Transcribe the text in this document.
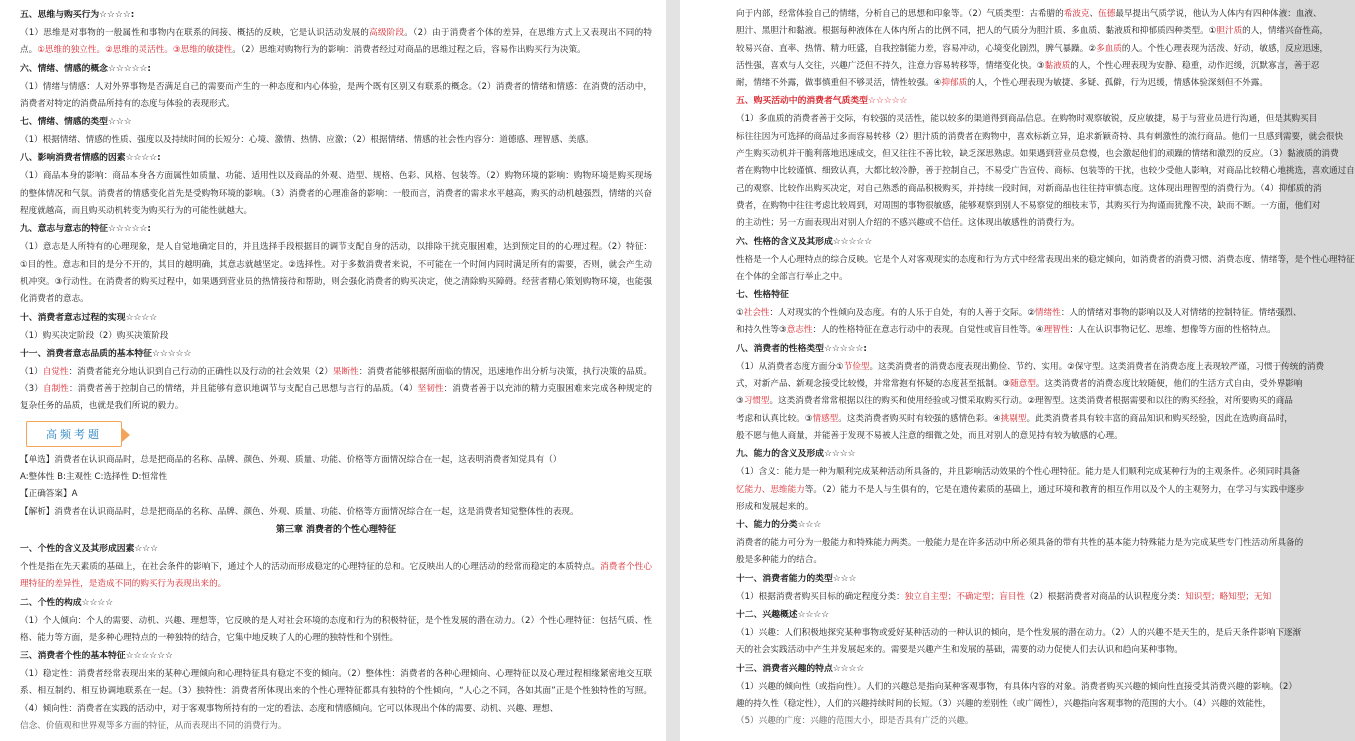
五、思维与购买行为☆☆☆☆:
（1）思维是对事物的一般属性和事物内在联系的间接、概括的反映，它是认识活动发展的高级阶段。（2）由于消费者个体的差异，在思维方式上又表现出不同的特点。①思维的独立性。②思维的灵活性。③思维的敏捷性。（2）思维对购物行为的影响：消费者经过对商品的思维过程之后，容易作出购买行为决策。
六、情绪、情感的概念☆☆☆☆☆:
（1）情绪与情感：人对外界事物是否满足自己的需要而产生的一种态度和内心体验，是两个既有区别又有联系的概念。（2）消费者的情绪和情感：在消费的活动中，消费者对特定的消费品所持有的态度与体验的表现形式。
七、情绪、情感的类型☆☆☆
（1）根据情绪、情感的性质、强度以及持续时间的长短分：心境、激情、热情、应激；（2）根据情绪、情感的社会性内容分：道德感、理智感、美感。
八、影响消费者情感的因素☆☆☆☆:
（1）商品本身的影响：商品本身各方面属性如质量、功能、适用性以及商品的外观、造型、规格、色彩、风格、包装等。（2）购物环境的影响：购物环境是购买现场的整体情况和气氛。消费者的情感变化首先是受购物环境的影响。（3）消费者的心理准备的影响：一般而言，消费者的需求水平越高，购买的动机越强烈，情绪的兴奋程度就越高，而且购买动机转变为购买行为的可能性就越大。
九、意志与意志的特征☆☆☆☆☆:
（1）意志是人所特有的心理现象，是人自觉地确定目的，并且选择手段根据目的调节支配自身的活动，以排除干扰克服困难，达到预定目的的心理过程。（2）特征：①目的性。意志和目的是分不开的，其目的越明确，其意志就越坚定。②选择性。对于多数消费者来说，不可能在一个时间内同时满足所有的需要，否则，就会产生动机冲突。③行动性。在消费者的购买过程中，如果遇到营业员的热情接待和帮助，则会强化消费者的购买决定，使之清除购买障碍。经营者精心策划购物环境，也能强化消费者的意志。
十、消费者意志过程的实现☆☆☆☆
（1）购买决定阶段（2）购买决策阶段
十一、消费者意志品质的基本特征☆☆☆☆☆
（1）自觉性：消费者能充分地认识到自己行动的正确性以及行动的社会效果（2）果断性：消费者能够根据所面临的情况，迅速地作出分析与决策，执行决策的品质。（3）自制性：消费者善于控制自己的情绪，并且能够有意识地调节与支配自己思想与言行的品质。（4）坚韧性：消费者善于以充沛的精力克服困难来完成各种规定的复杂任务的品质，也就是我们所说的毅力。
高频考题
【单选】消费者在认识商品时，总是把商品的名称、品牌、颜色、外观、质量、功能、价格等方面情况综合在一起，这表明消费者知觉具有（）
A:整体性 B:主观性 C:选择性 D:恒常性
【正确答案】A
【解析】消费者在认识商品时，总是把商品的名称、品牌、颜色、外观、质量、功能、价格等方面情况综合在一起，这是消费者知觉整体性的表现。
第三章 消费者的个性心理特征
一、个性的含义及其形成因素☆☆☆
个性是指在先天素质的基础上，在社会条件的影响下，通过个人的活动而形成稳定的心理特征的总和。它反映出人的心理活动的经常而稳定的本质特点。消费者个性心理特征的差异性，是造成不同的购买行为表现出来的。
二、个性的构成☆☆☆☆
（1）个人倾向：个人的需要、动机、兴趣、理想等，它反映的是人对社会环境的态度和行为的积极特征，是个性发展的潜在动力。（2）个性心理特征：包括气质、性格、能力等方面，是多种心理特点的一种独特的结合，它集中地反映了人的心理的独特性和个别性。
三、消费者个性的基本特征☆☆☆☆☆☆
（1）稳定性：消费者经常表现出来的某种心理倾向和心理特征具有稳定不变的倾向。（2）整体性：消费者的各种心理倾向、心理特征以及心理过程相缘紧密地交互联系、相互制约、相互协调地联系在一起。（3）独特性：消费者所体现出来的个性心理特征都具有独特的个性倾向，“人心之不同，各如其面”正是个性独特性的写照。（4）倾向性：消费者在实践的活动中，对于客观事物所持有的一定的看法、态度和情感倾向。它可以体现出个体的需要、动机、兴趣、理想、
信念、价值观和世界观等多方面的特征，从而表现出不同的消费行为。
向于内部，经常体验自己的情绪，分析自己的思想和印象等。（2）气质类型：古希腊的希波克、伍德最早提出气质学说，他认为人体内有四种体液：血液、
胆汁、黑胆汁和黏液。根据每种液体在人体内所占的比例不同，把人的气质分为胆汁质、多血质、黏液质和抑郁质四种类型。①胆汁质的人，情绪兴奋性高，
较易兴奋、直率、热情、精力旺盛，自我控制能力差，容易冲动，心境变化剧烈，脾气暴躁。②多血质的人。个性心理表现为活泼、好动，敏感，反应迅速，
活性强，喜欢与人交往，兴趣广泛但不持久，注意力容易转移等，情绪变化快。③黏液质的人，个性心理表现为安静、稳重，动作迟缓，沉默寡言，善于忍
耐，情绪不外露，做事慎重但不够灵活，情性较强。④抑郁质的人，个性心理表现为敏捷、多疑、孤僻，行为迟缓，情感体验深刻但不外露。
五、购买活动中的消费者气质类型☆☆☆☆☆
（1）多血质的消费者善于交际，有较强的灵活性，能以较多的渠道得到商品信息。在购物时观察敏锐，反应敏捷，易于与营业员进行沟通，但是其购买目
标往往因为可选择的商品过多而容易转移（2）胆汁质的消费者在购物中，喜欢标新立异，追求新颖奇特、具有刺激性的流行商品。他们一旦感到需要，就会很快
产生购买动机并干脆利落地迅速成交，但又往往不善比较，缺乏深思熟虑。如果遇到营业员怠慢，也会激起他们的顽躁的情绪和激烈的反应。（3）黏液质的消费
者在购物中比较谨慎、细致认真，大都比较冷静，善于控制自己，不易受广告宣传、商标、包装等的干扰，也较少受他人影响，对商品比较精心地挑选，喜欢通过自
己的观察、比较作出购买决定，对自己熟悉的商品积极购买，并持续一段时间，对新商品也往往持审慎态度。这体现出理智型的消费行为。（4）抑郁质的消
费者，在购物中往往考虑比较周到，对周围的事物很敏感，能够观察到别人不易察觉的细枝末节，其购买行为拘谨而犹豫不决，缺而不断。一方面，他们对
的主动性；另一方面表现出对别人介绍的不感兴趣或不信任。这体现出敏感性的消费行为。
六、性格的含义及其形成☆☆☆☆☆
性格是一个人心理特点的综合反映。它是个人对客观现实的态度和行为方式中经常表现出来的稳定倾向，如消费者的消费习惯、消费态度、情绪等，是个性心理特征
在个体的全部言行举止之中。
七、性格特征
①社会性：人对现实的个性倾向及态度。有的人乐于自处，有的人善于交际。②情绪性：人的情绪对事物的影响以及人对情绪的控制特征。情绪强烈、
和持久性等③意志性：人的性格特征在意志行动中的表现。自觉性或盲目性等。④理智性：人在认识事物记忆、思维、想像等方面的性格特点。
八、消费者的性格类型☆☆☆☆☆:
（1）从消费者态度方面分①节俭型。这类消费者的消费态度表现出勤俭、节约、实用。②保守型。这类消费者在消费态度上表现较严谨，习惯于传统的消费
式，对新产品、新观念接受比较慢，并常常抱有怀疑的态度甚至抵制。③随意型。这类消费者的消费态度比较随便，他们的生活方式自由，受外界影响
③习惯型。这类消费者常常根据以往的购买和使用经验或习惯采取购买行动。②理智型。这类消费者根据需要和以往的购买经验，对所要购买的商品
考虑和认真比较。③情感型。这类消费者购买时有较强的感情色彩。④挑剔型。此类消费者具有较丰富的商品知识和购买经验，因此在选购商品时，
般不愿与他人商量，并能善于发现不易被人注意的细微之处，而且对别人的意见持有较为敏感的心理。
九、能力的含义及形成☆☆☆☆
（1）含义：能力是一种为顺利完成某种活动所具备的，并且影响活动效果的个性心理特征。能力是人们顺利完成某种行为的主观条件。必须同时具备
忆能力、思维能力等。（2）能力不是人与生俱有的，它是在遗传素质的基础上，通过环境和教育的相互作用以及个人的主观努力，在学习与实践中逐步
形成和发展起来的。
十、能力的分类☆☆☆
消费者的能力可分为一般能力和特殊能力两类。一般能力是在许多活动中所必须具备的带有共性的基本能力特殊能力是为完成某些专门性活动所具备的
般是多种能力的结合。
十一、消费者能力的类型☆☆☆
（1）根据消费者购买目标的确定程度分类：独立自主型；不确定型；盲目性（2）根据消费者对商品的认识程度分类：知识型；略知型；无知
十二、兴趣概述☆☆☆☆
（1）兴趣：人们积极地探究某种事物或爱好某种活动的一种认识的倾向，是个性发展的潜在动力。（2）人的兴趣不是天生的，是后天条件影响下逐渐
天的社会实践活动中产生并发展起来的。需要是兴趣产生和发展的基础，需要的动力促使人们去认识和趋向某种事物。
十三、消费者兴趣的特点☆☆☆☆
（1）兴趣的倾向性（或指向性）。人们的兴趣总是指向某种客观事物，有具体内容的对象。消费者购买兴趣的倾向性直接受其消费兴趣的影响。（2）
趣的持久性（稳定性），人们的兴趣持续时间的长短。（3）兴趣的差别性（或广阔性），兴趣指向客观事物的范围的大小。（4）兴趣的效能性，
（5）兴趣的广度：兴趣的范围大小，即是否具有广泛的兴趣。
